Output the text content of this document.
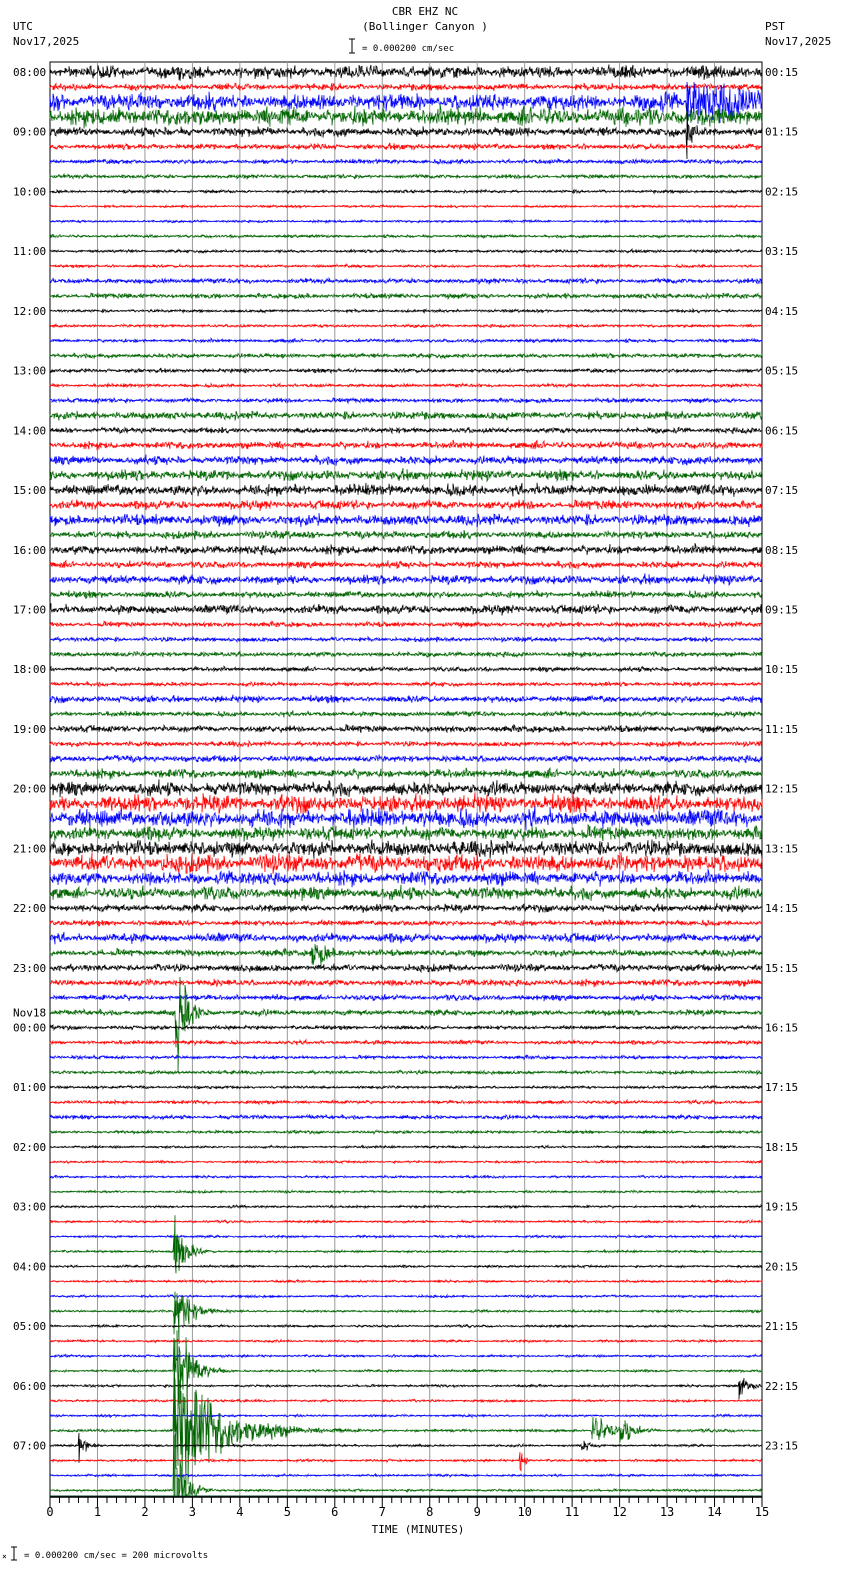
CBR EHZ NC
(Bollinger Canyon )
= 0.000200 cm/sec
UTC
Nov17,2025
PST
Nov17,2025
08:00
09:00
10:00
11:00
12:00
13:00
14:00
15:00
16:00
17:00
18:00
19:00
20:00
21:00
22:00
23:00
00:00
Nov18
01:00
02:00
03:00
04:00
05:00
06:00
07:00
00:15
01:15
02:15
03:15
04:15
05:15
06:15
07:15
08:15
09:15
10:15
11:15
12:15
13:15
14:15
15:15
16:15
17:15
18:15
19:15
20:15
21:15
22:15
23:15
0	1	2	3	4	5	6	7	8	9	10	11	12	13	14	15
TIME (MINUTES)
× = 0.000200 cm/sec = 200 microvolts
